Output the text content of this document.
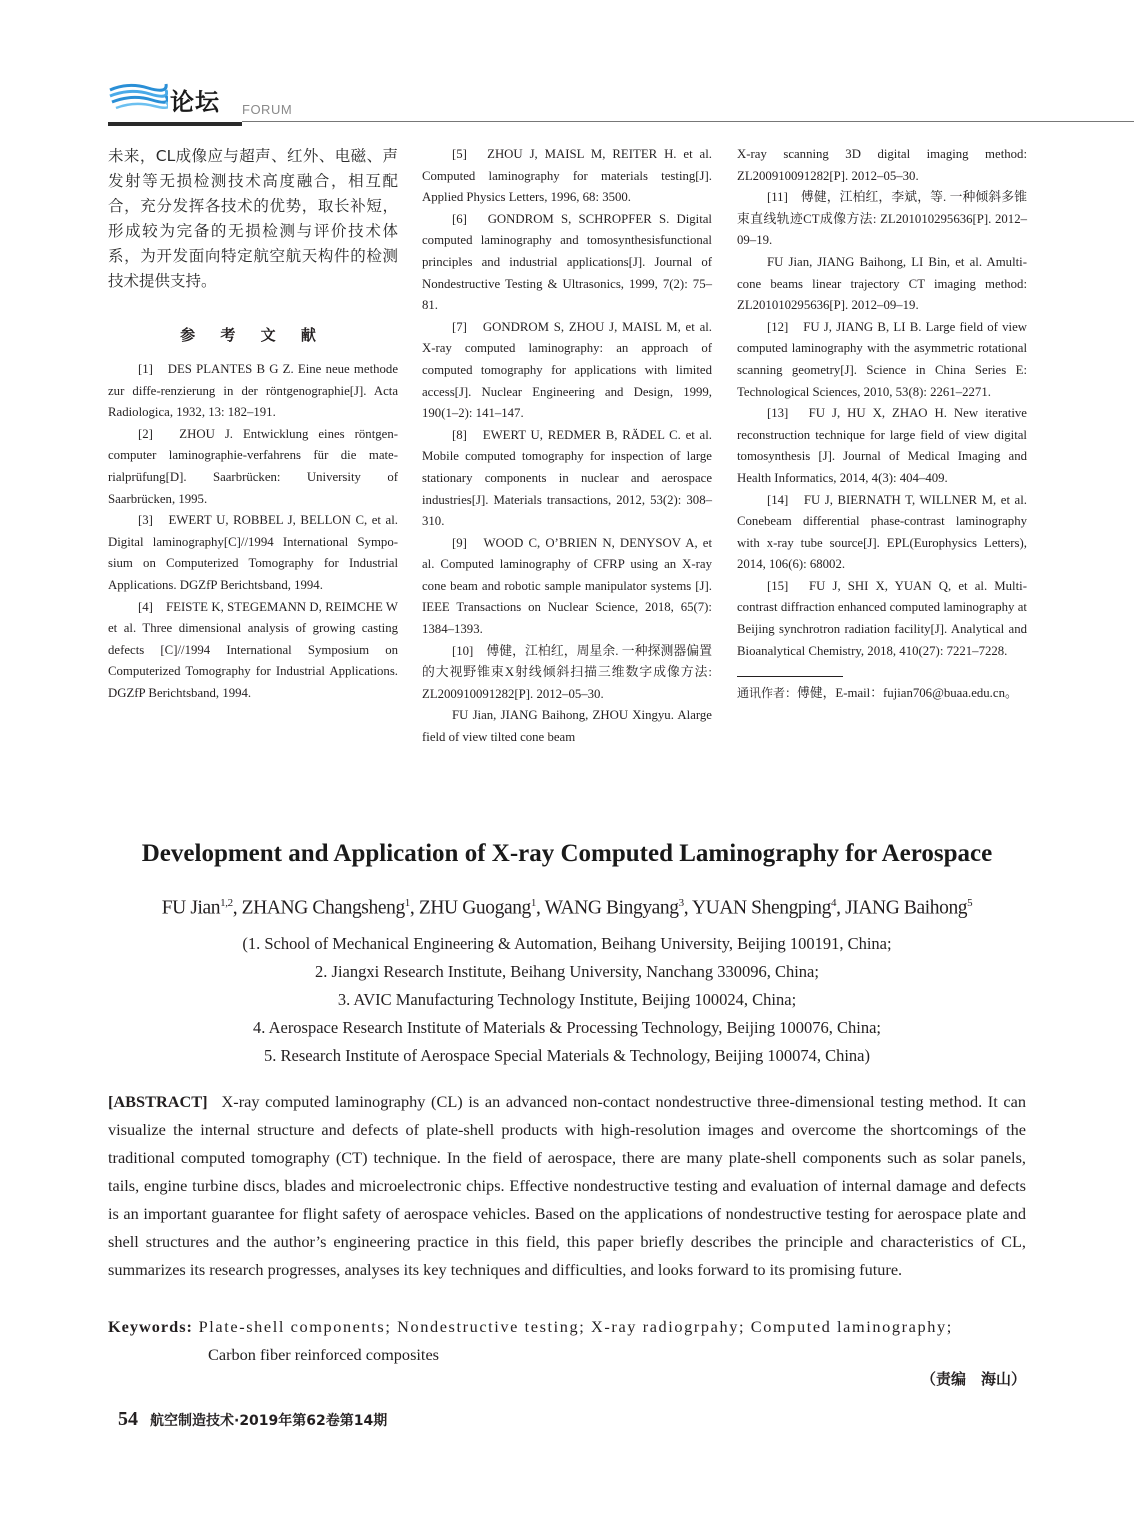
论坛 FORUM

未来，CL成像应与超声、红外、电磁、声发射等无损检测技术高度融合，相互配合，充分发挥各技术的优势，取长补短，形成较为完备的无损检测与评价技术体系，为开发面向特定航空航天构件的检测技术提供支持。

参 考 文 献

[1]　DES PLANTES B G Z. Eine neue methode zur diffe-renzierung in der röntgenographie[J]. Acta Radiologica, 1932, 13: 182–191.

[2]　ZHOU J. Entwicklung eines röntgen-computer laminographie-verfahrens für die mate-rialprüfung[D]. Saarbrücken: University of Saarbrücken, 1995.

[3]　EWERT U, ROBBEL J, BELLON C, et al. Digital laminography[C]//1994 International Sympo-sium on Computerized Tomography for Industrial Applications. DGZfP Berichtsband, 1994.

[4]　FEISTE K, STEGEMANN D, REIMCHE W et al. Three dimensional analysis of growing casting defects [C]//1994 International Symposium on Computerized Tomography for Industrial Applications. DGZfP Berichtsband, 1994.

[5]　ZHOU J, MAISL M, REITER H. et al. Computed laminography for materials testing[J]. Applied Physics Letters, 1996, 68: 3500.

[6]　GONDROM S, SCHROPFER S. Digital computed laminography and tomosynthesisfunctional principles and industrial applications[J]. Journal of Nondestructive Testing & Ultrasonics, 1999, 7(2): 75–81.

[7]　GONDROM S, ZHOU J, MAISL M, et al. X-ray computed laminography: an approach of computed tomography for applications with limited access[J]. Nuclear Engineering and Design, 1999, 190(1–2): 141–147.

[8]　EWERT U, REDMER B, RÄDEL C. et al. Mobile computed tomography for inspection of large stationary components in nuclear and aerospace industries[J]. Materials transactions, 2012, 53(2): 308–310.

[9]　WOOD C, O’BRIEN N, DENYSOV A, et al. Computed laminography of CFRP using an X-ray cone beam and robotic sample manipulator systems [J]. IEEE Transactions on Nuclear Science, 2018, 65(7): 1384–1393.

[10]　傅健，江柏红，周星余. 一种探测器偏置的大视野锥束X射线倾斜扫描三维数字成像方法: ZL200910091282[P]. 2012–05–30.

FU Jian, JIANG Baihong, ZHOU Xingyu. Alarge field of view tilted cone beam

X-ray scanning 3D digital imaging method: ZL200910091282[P]. 2012–05–30.

[11]　傅健，江柏红，李斌，等. 一种倾斜多锥束直线轨迹CT成像方法: ZL201010295636[P]. 2012–09–19.

FU Jian, JIANG Baihong, LI Bin, et al. Amulti-cone beams linear trajectory CT imaging method: ZL201010295636[P]. 2012–09–19.

[12]　FU J, JIANG B, LI B. Large field of view computed laminography with the asymmetric rotational scanning geometry[J]. Science in China Series E: Technological Sciences, 2010, 53(8): 2261–2271.

[13]　FU J, HU X, ZHAO H. New iterative reconstruction technique for large field of view digital tomosynthesis [J]. Journal of Medical Imaging and Health Informatics, 2014, 4(3): 404–409.

[14]　FU J, BIERNATH T, WILLNER M, et al. Conebeam differential phase-contrast laminography with x-ray tube source[J]. EPL(Europhysics Letters), 2014, 106(6): 68002.

[15]　FU J, SHI X, YUAN Q, et al. Multi-contrast diffraction enhanced computed laminography at Beijing synchrotron radiation facility[J]. Analytical and Bioanalytical Chemistry, 2018, 410(27): 7221–7228.

通讯作者：傅健，E-mail：fujian706@buaa.edu.cn。

Development and Application of X-ray Computed Laminography for Aerospace

FU Jian$^{1,2}$, ZHANG Changsheng$^1$, ZHU Guogang$^1$, WANG Bingyang$^3$, YUAN Shengping$^4$, JIANG Baihong$^5$

(1. School of Mechanical Engineering & Automation, Beihang University, Beijing 100191, China;

2. Jiangxi Research Institute, Beihang University, Nanchang 330096, China;

3. AVIC Manufacturing Technology Institute, Beijing 100024, China;

4. Aerospace Research Institute of Materials & Processing Technology, Beijing 100076, China;

5. Research Institute of Aerospace Special Materials & Technology, Beijing 100074, China)

[ABSTRACT] X-ray computed laminography (CL) is an advanced non-contact nondestructive three-dimensional testing method. It can visualize the internal structure and defects of plate-shell products with high-resolution images and overcome the shortcomings of the traditional computed tomography (CT) technique. In the field of aerospace, there are many plate-shell components such as solar panels, tails, engine turbine discs, blades and microelectronic chips. Effective nondestructive testing and evaluation of internal damage and defects is an important guarantee for flight safety of aerospace vehicles. Based on the applications of nondestructive testing for aerospace plate and shell structures and the author’s engineering practice in this field, this paper briefly describes the principle and characteristics of CL, summarizes its research progresses, analyses its key techniques and difficulties, and looks forward to its promising future.

Keywords: Plate-shell components; Nondestructive testing; X-ray radiogrpahy; Computed laminography;
Carbon fiber reinforced composites

（责编　海山）
54 航空制造技术·2019年第62卷第14期
